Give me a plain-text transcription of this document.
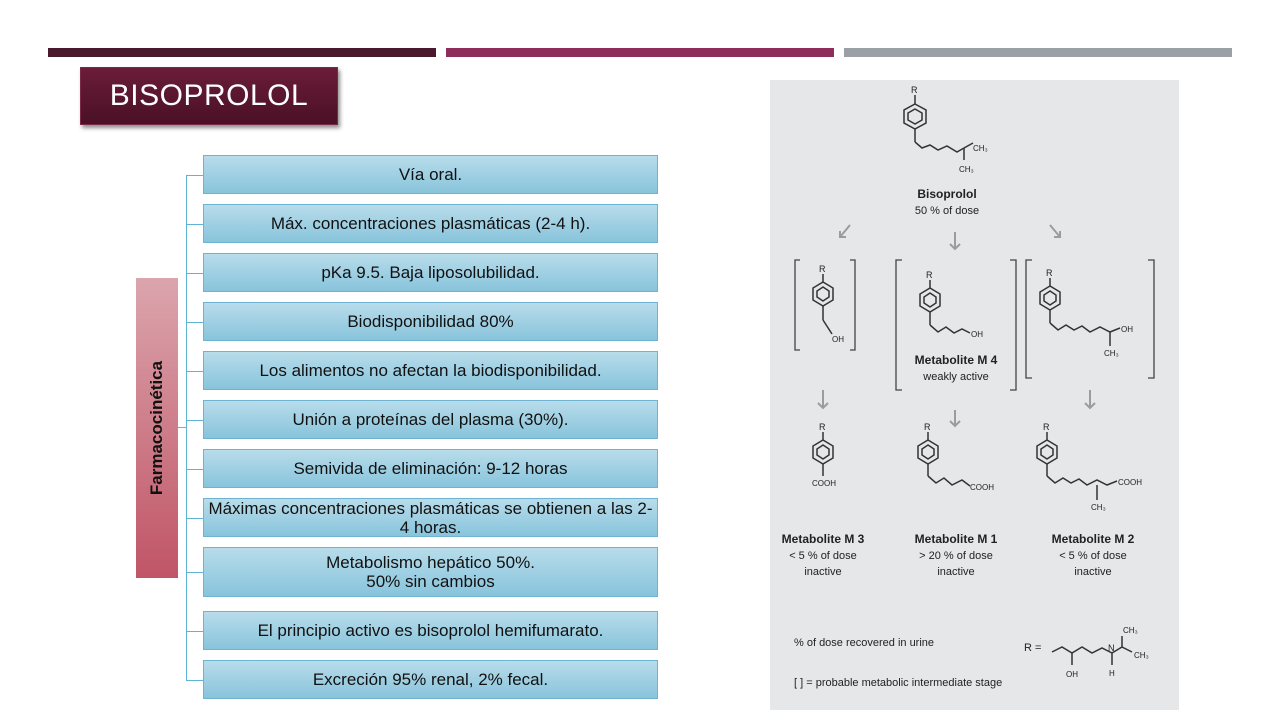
BISOPROLOL
Farmacocinética
Vía oral.
Máx. concentraciones plasmáticas (2-4 h).
pKa 9.5. Baja liposolubilidad.
Biodisponibilidad 80%
Los alimentos no afectan la biodisponibilidad.
Unión a proteínas del plasma (30%).
Semivida de eliminación: 9-12 horas
Máximas concentraciones plasmáticas se obtienen a las 2-4 horas.
Metabolismo hepático 50%.
50% sin cambios
El principio activo es bisoprolol hemifumarato.
Excreción 95% renal, 2% fecal.
R
CH₃
CH₃
Bisoprolol
50 % of dose
R
OH
R
OH
Metabolite M 4
weakly active
R
OH
CH₃
R
COOH
R
COOH
R
COOH
CH₃
Metabolite M 3
< 5 % of dose
inactive
Metabolite M 1
> 20 % of dose
inactive
Metabolite M 2
< 5 % of dose
inactive
% of dose recovered in urine
[ ] = probable metabolic intermediate stage
R =
OH
N
H
CH₃
CH₃
